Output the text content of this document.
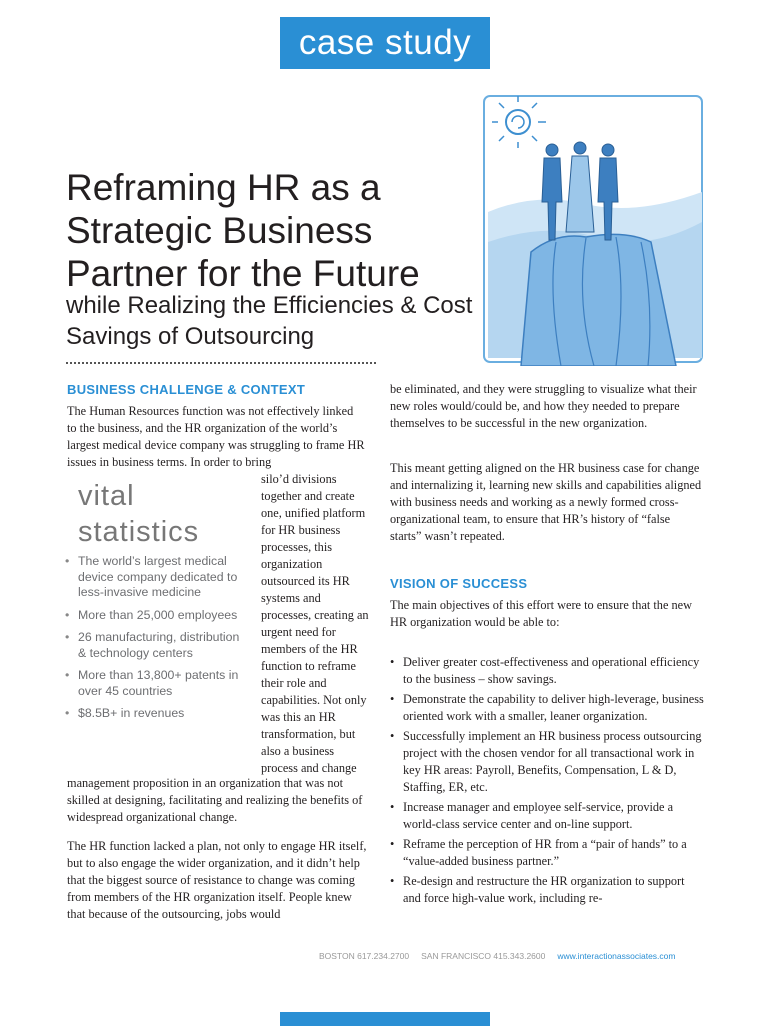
case study
Reframing HR as a Strategic Business Partner for the Future
while Realizing the Efficiencies & Cost Savings of Outsourcing
BUSINESS CHALLENGE & CONTEXT

The Human Resources function was not effectively linked to the business, and the HR organization of the world’s largest medical device company was struggling to frame HR issues in business terms. In order to bring

silo’d divisions together and create one, unified platform for HR business processes, this organization outsourced its HR systems and processes, creating an urgent need for members of the HR function to reframe their role and capabilities. Not only was this an HR transformation, but also a business process and change

management proposition in an organization that was not skilled at designing, facilitating and realizing the benefits of widespread organizational change.

The HR function lacked a plan, not only to engage HR itself, but to also engage the wider organization, and it didn’t help that the biggest source of resistance to change was coming from members of the HR organization itself. People knew that because of the outsourcing, jobs would

vital statistics
• The world’s largest medical device company dedicated to less-invasive medicine
• More than 25,000 employees
• 26 manufacturing, distribution & technology centers
• More than 13,800+ patents in over 45 countries
• $8.5B+ in revenues

be eliminated, and they were struggling to visualize what their new roles would/could be, and how they needed to prepare themselves to be successful in the new organization.

This meant getting aligned on the HR business case for change and internalizing it, learning new skills and capabilities aligned with business needs and working as a newly formed cross-organizational team, to ensure that HR’s history of “false starts” wasn’t repeated.

VISION OF SUCCESS

The main objectives of this effort were to ensure that the new HR organization would be able to:

• Deliver greater cost-effectiveness and operational efficiency to the business – show savings.
• Demonstrate the capability to deliver high-leverage, business oriented work with a smaller, leaner organization.
• Successfully implement an HR business process outsourcing project with the chosen vendor for all transactional work in key HR areas: Payroll, Benefits, Compensation, L & D, Staffing, ER, etc.
• Increase manager and employee self-service, provide a world-class service center and on-line support.
• Reframe the perception of HR from a “pair of hands” to a “value-added business partner.”
• Re-design and restructure the HR organization to support and force high-value work, including re-
BOSTON 617.234.2700 SAN FRANCISCO 415.343.2600 www.interactionassociates.com
